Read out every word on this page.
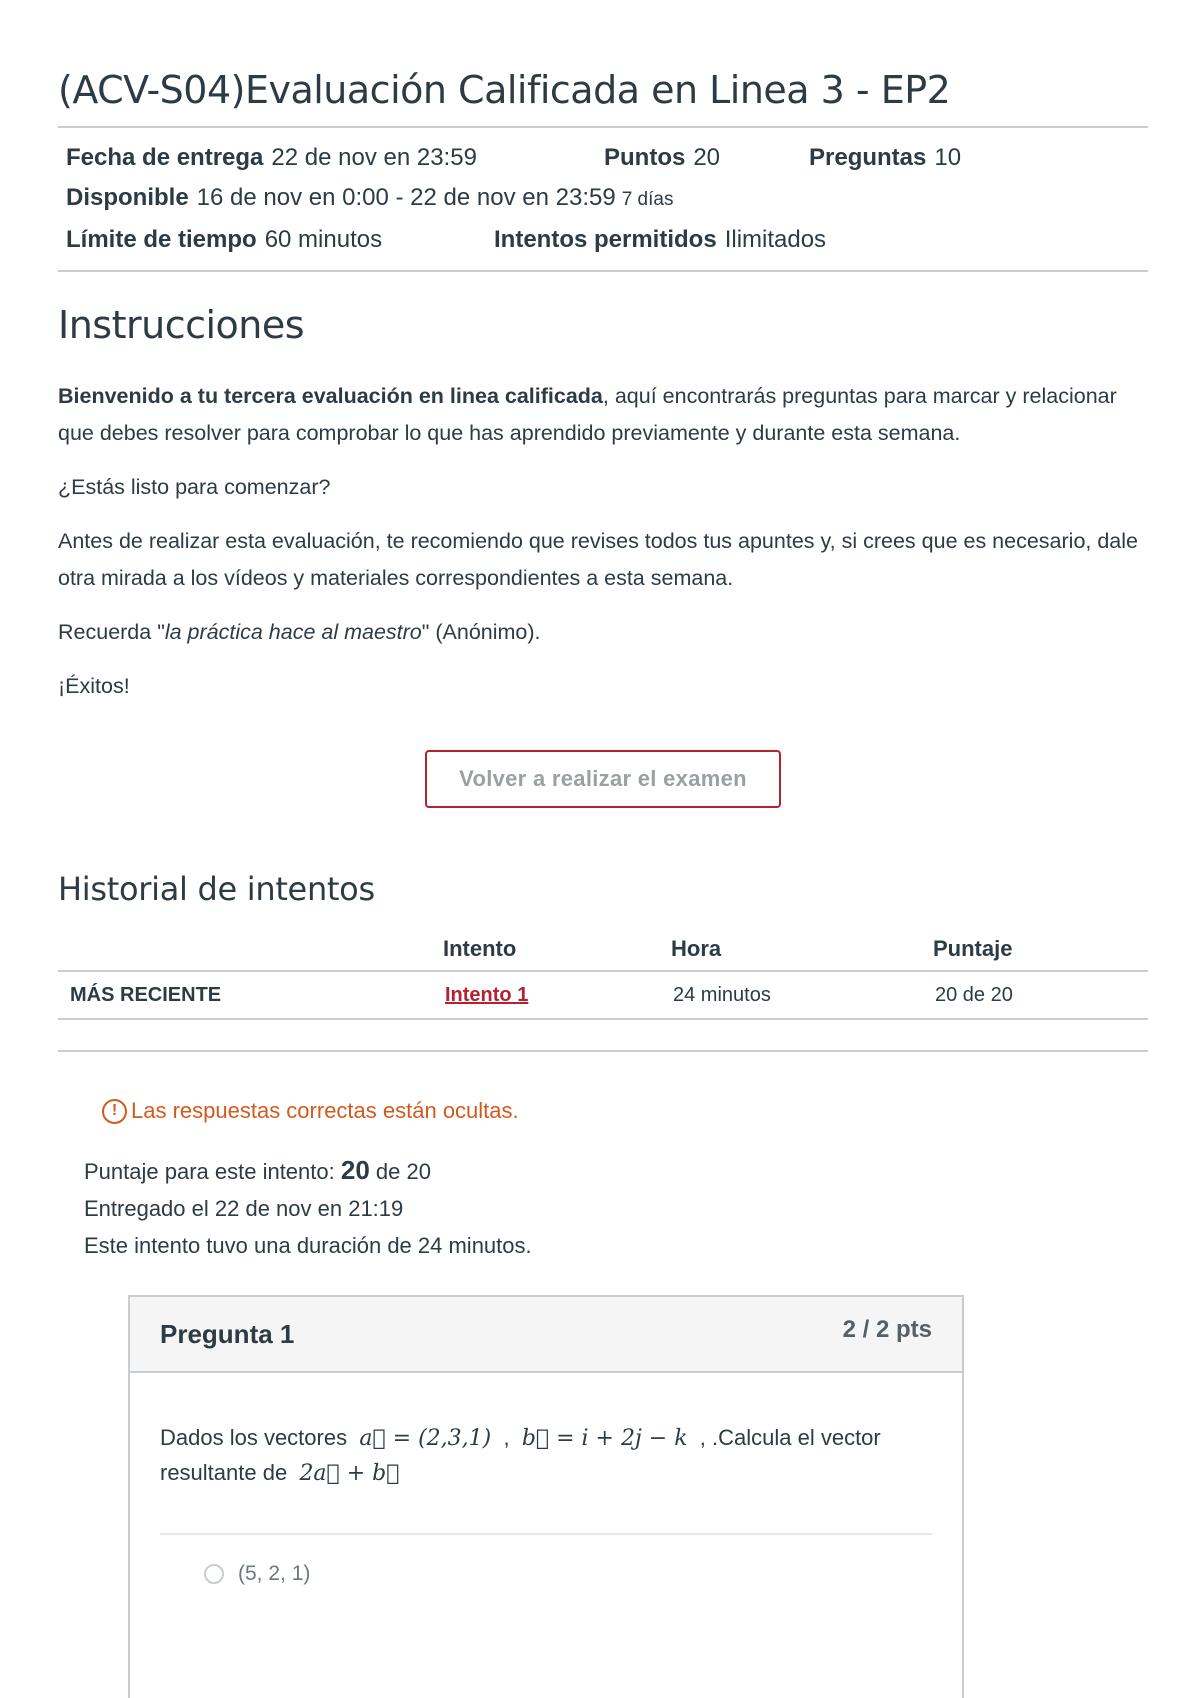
(ACV-S04)Evaluación Calificada en Linea 3 - EP2
Fecha de entrega 22 de nov en 23:59	Puntos 20	Preguntas 10
Disponible 16 de nov en 0:00 - 22 de nov en 23:59 7 días
Límite de tiempo 60 minutos	Intentos permitidos Ilimitados
Instrucciones

Bienvenido a tu tercera evaluación en linea calificada, aquí encontrarás preguntas para marcar y relacionar que debes resolver para comprobar lo que has aprendido previamente y durante esta semana.

¿Estás listo para comenzar?

Antes de realizar esta evaluación, te recomiendo que revises todos tus apuntes y, si crees que es necesario, dale otra mirada a los vídeos y materiales correspondientes a esta semana.

Recuerda "la práctica hace al maestro" (Anónimo).

¡Éxitos!

Volver a realizar el examen
Historial de intentos
	Intento	Hora	Puntaje
MÁS RECIENTE	Intento 1	24 minutos	20 de 20
! Las respuestas correctas están ocultas.
Puntaje para este intento: 20 de 20
Entregado el 22 de nov en 21:19
Este intento tuvo una duración de 24 minutos.
Pregunta 1	2 / 2 pts
Dados los vectores a⃗ = (2,3,1) , b⃗ = i + 2j − k , .Calcula el vector resultante de 2a⃗ + b⃗
(5, 2, 1)
